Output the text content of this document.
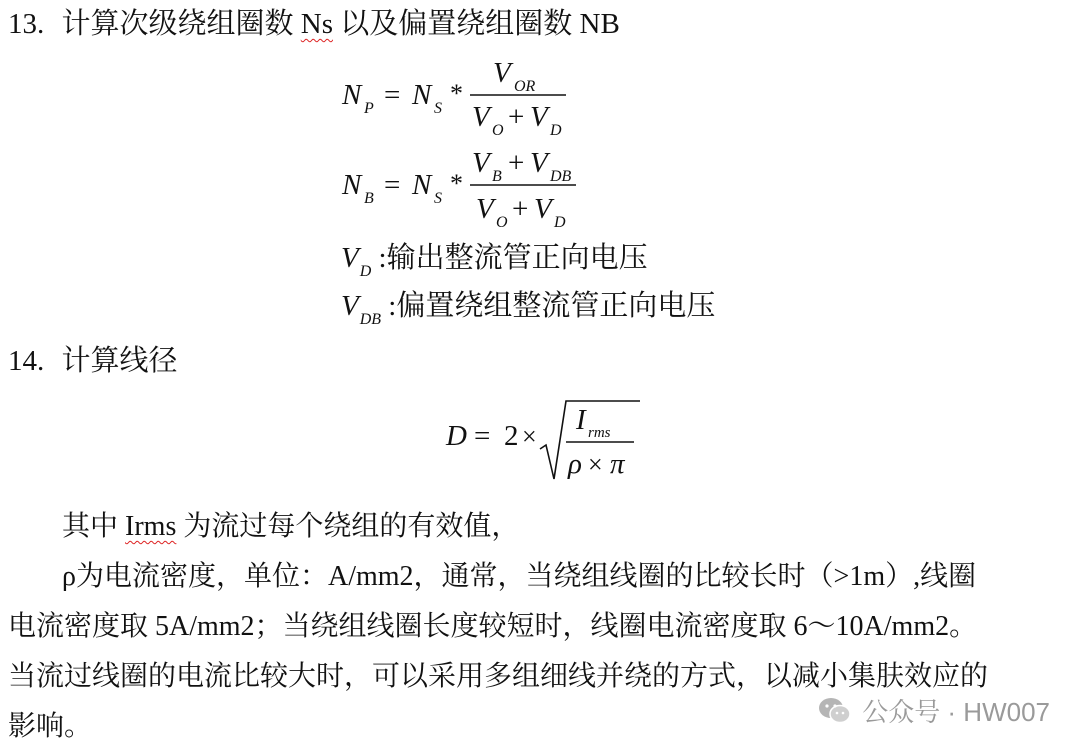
13. 计算次级绕组圈数 Ns 以及偏置绕组圈数 NB
N P = N S
*
V OR
V O + V D
N B = N S
*
V B + V DB
V O + V D
$V_D$ :输出整流管正向电压
$V_{DB}$ :偏置绕组整流管正向电压
14. 计算线径
D = 2 ×
I rms
ρ × π
其中 Irms 为流过每个绕组的有效值，
ρ为电流密度，单位：A/mm2，通常，当绕组线圈的比较长时（>1m）,线圈
电流密度取 5A/mm2；当绕组线圈长度较短时，线圈电流密度取 6～10A/mm2。
当流过线圈的电流比较大时，可以采用多组细线并绕的方式，以减小集肤效应的
影响。	公众号 · HW007
